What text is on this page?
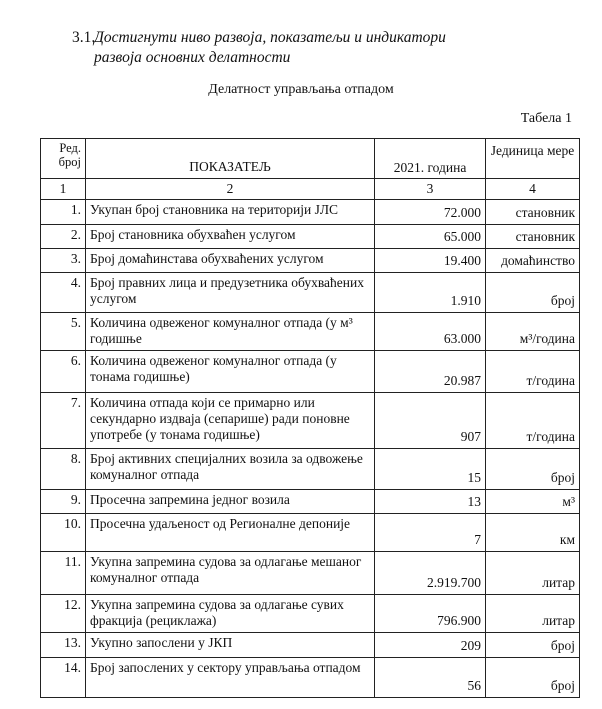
3.1.
Достигнути ниво развоја, показатељи и индикатори
развоја основних делатности
Делатност управљања отпадом
Табела 1
Ред. број	ПОКАЗАТЕЉ	2021. година	Јединица мере
1	2	3	4
1.	Укупан број становника на територији ЈЛС	72.000	становник
2.	Број становника обухваћен услугом	65.000	становник
3.	Број домаћинстава обухваћених услугом	19.400	домаћинство
4.	Број правних лица и предузетника обухваћених услугом	1.910	број
5.	Количина одвеженог комуналног отпада (у м³ годишње	63.000	м³/година
6.	Количина одвеженог комуналног отпада (у тонама годишње)	20.987	т/година
7.	Количина отпада који се примарно или секундарно издваја (сепарише) ради поновне употребе (у тонама годишње)	907	т/година
8.	Број активних специјалних возила за одвожење комуналног отпада	15	број
9.	Просечна запремина једног возила	13	м³
10.	Просечна удаљеност од Регионалне депоније	7	км
11.	Укупна запремина судова за одлагање мешаног комуналног отпада	2.919.700	литар
12.	Укупна запремина судова за одлагање сувих фракција (рециклажа)	796.900	литар
13.	Укупно запослени у ЈКП	209	број
14.	Број запослених у сектору управљања отпадом	56	број
